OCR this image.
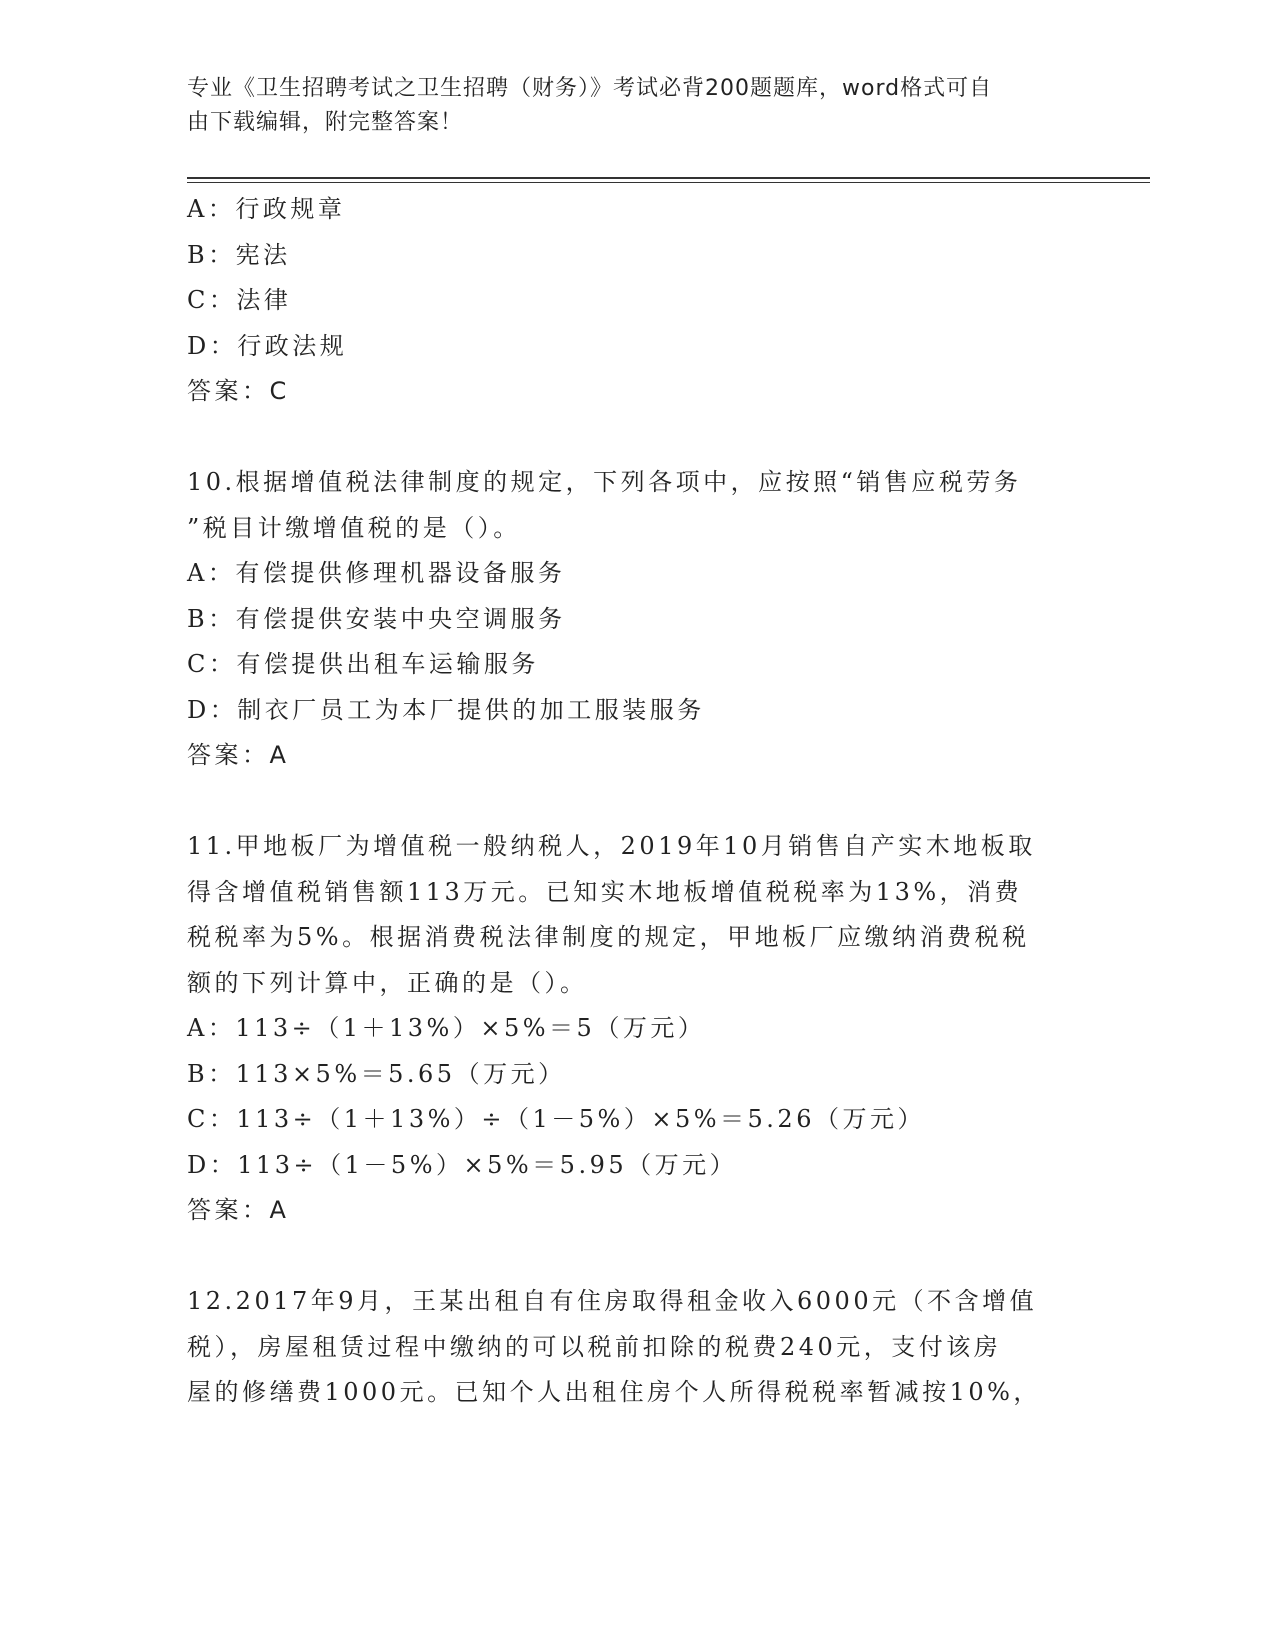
专业《卫生招聘考试之卫生招聘（财务）》考试必背200题题库，word格式可自
由下载编辑，附完整答案！
A：行政规章
B：宪法
C：法律
D：行政法规
答案：C
10.根据增值税法律制度的规定，下列各项中，应按照“销售应税劳务
”税目计缴增值税的是（）。
A：有偿提供修理机器设备服务
B：有偿提供安装中央空调服务
C：有偿提供出租车运输服务
D：制衣厂员工为本厂提供的加工服装服务
答案：A
11.甲地板厂为增值税一般纳税人，2019年10月销售自产实木地板取
得含增值税销售额113万元。已知实木地板增值税税率为13%，消费
税税率为5%。根据消费税法律制度的规定，甲地板厂应缴纳消费税税
额的下列计算中，正确的是（）。
A：113÷（1＋13%）×5%＝5（万元）
B：113×5%＝5.65（万元）
C：113÷（1＋13%）÷（1－5%）×5%＝5.26（万元）
D：113÷（1－5%）×5%＝5.95（万元）
答案：A
12.2017年9月，王某出租自有住房取得租金收入6000元（不含增值
税），房屋租赁过程中缴纳的可以税前扣除的税费240元，支付该房
屋的修缮费1000元。已知个人出租住房个人所得税税率暂减按10%，
